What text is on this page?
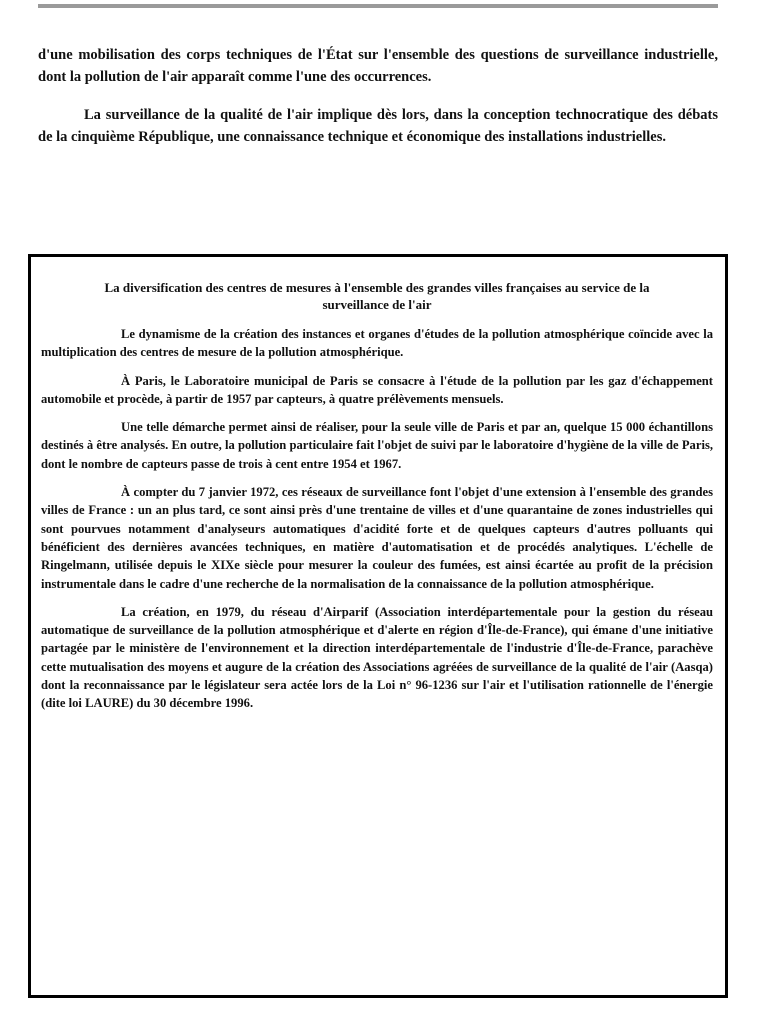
d'une mobilisation des corps techniques de l'État sur l'ensemble des questions de surveillance industrielle, dont la pollution de l'air apparaît comme l'une des occurrences.

La surveillance de la qualité de l'air implique dès lors, dans la conception technocratique des débats de la cinquième République, une connaissance technique et économique des installations industrielles.

La diversification des centres de mesures à l'ensemble des grandes villes françaises au service de la surveillance de l'air

Le dynamisme de la création des instances et organes d'études de la pollution atmosphérique coïncide avec la multiplication des centres de mesure de la pollution atmosphérique.

À Paris, le Laboratoire municipal de Paris se consacre à l'étude de la pollution par les gaz d'échappement automobile et procède, à partir de 1957 par capteurs, à quatre prélèvements mensuels.

Une telle démarche permet ainsi de réaliser, pour la seule ville de Paris et par an, quelque 15 000 échantillons destinés à être analysés. En outre, la pollution particulaire fait l'objet de suivi par le laboratoire d'hygiène de la ville de Paris, dont le nombre de capteurs passe de trois à cent entre 1954 et 1967.

À compter du 7 janvier 1972, ces réseaux de surveillance font l'objet d'une extension à l'ensemble des grandes villes de France : un an plus tard, ce sont ainsi près d'une trentaine de villes et d'une quarantaine de zones industrielles qui sont pourvues notamment d'analyseurs automatiques d'acidité forte et de quelques capteurs d'autres polluants qui bénéficient des dernières avancées techniques, en matière d'automatisation et de procédés analytiques. L'échelle de Ringelmann, utilisée depuis le XIXe siècle pour mesurer la couleur des fumées, est ainsi écartée au profit de la précision instrumentale dans le cadre d'une recherche de la normalisation de la connaissance de la pollution atmosphérique.

La création, en 1979, du réseau d'Airparif (Association interdépartementale pour la gestion du réseau automatique de surveillance de la pollution atmosphérique et d'alerte en région d'Île-de-France), qui émane d'une initiative partagée par le ministère de l'environnement et la direction interdépartementale de l'industrie d'Île-de-France, parachève cette mutualisation des moyens et augure de la création des Associations agréées de surveillance de la qualité de l'air (Aasqa) dont la reconnaissance par le législateur sera actée lors de la Loi n° 96-1236 sur l'air et l'utilisation rationnelle de l'énergie (dite loi LAURE) du 30 décembre 1996.
